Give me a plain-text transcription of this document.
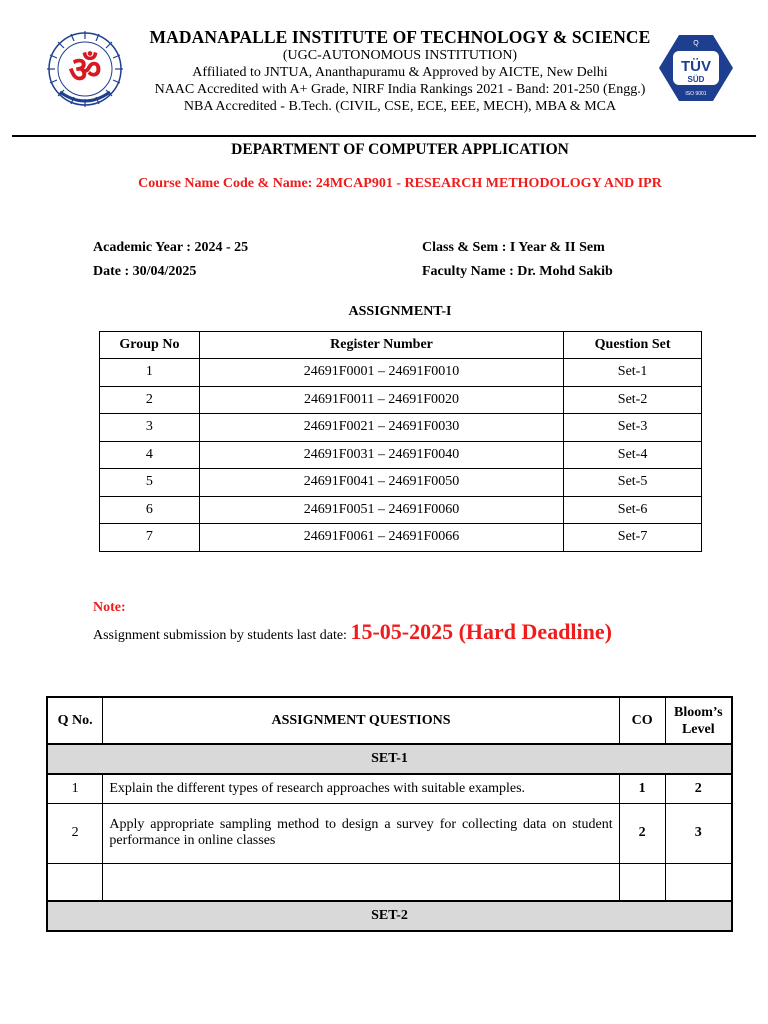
ॐ
MADANAPALLE INSTITUTE OF TECHNOLOGY & SCIENCE
(UGC-AUTONOMOUS INSTITUTION)
Affiliated to JNTUA, Ananthapuramu & Approved by AICTE, New Delhi
NAAC Accredited with A+ Grade, NIRF India Rankings 2021 - Band: 201-250 (Engg.)
NBA Accredited - B.Tech. (CIVIL, CSE, ECE, EEE, MECH), MBA & MCA
TÜV
SÜD
Q
ISO 9001
DEPARTMENT OF COMPUTER APPLICATION
Course Name Code & Name: 24MCAP901 - RESEARCH METHODOLOGY AND IPR
Academic Year : 2024 - 25
Date : 30/04/2025
Class & Sem : I Year & II Sem
Faculty Name : Dr. Mohd Sakib
ASSIGNMENT-I
Group No	Register Number	Question Set
1	24691F0001 – 24691F0010	Set-1
2	24691F0011 – 24691F0020	Set-2
3	24691F0021 – 24691F0030	Set-3
4	24691F0031 – 24691F0040	Set-4
5	24691F0041 – 24691F0050	Set-5
6	24691F0051 – 24691F0060	Set-6
7	24691F0061 – 24691F0066	Set-7
Note:
Assignment submission by students last date: 15-05-2025 (Hard Deadline)
Q No.	ASSIGNMENT QUESTIONS	CO	Bloom’s Level
SET-1			
1	Explain the different types of research approaches with suitable examples.	1	2
2	Apply appropriate sampling method to design a survey for collecting data on student performance in online classes	2	3

SET-2			
